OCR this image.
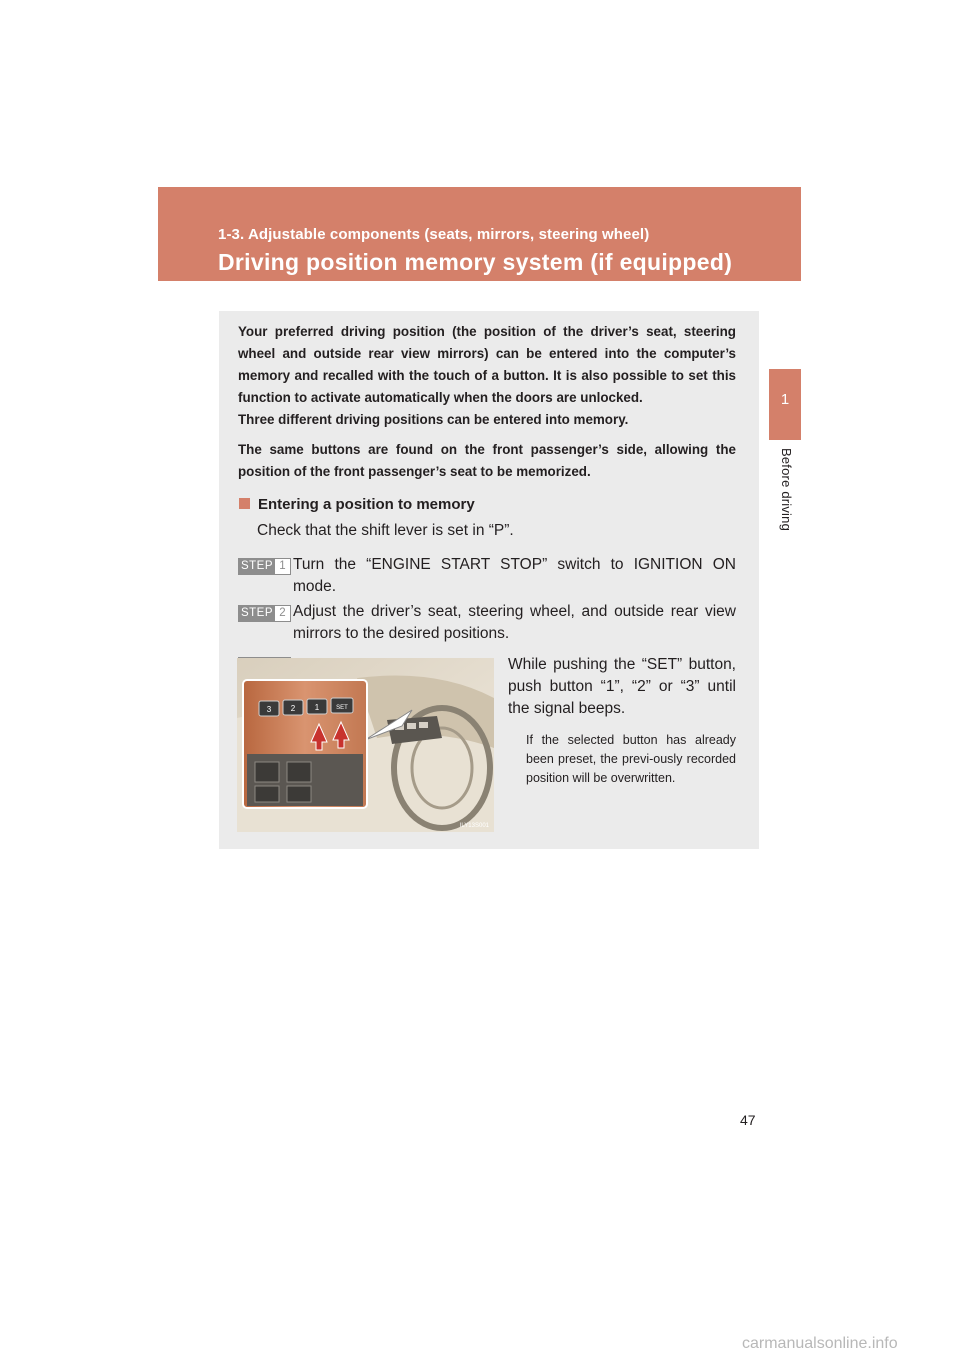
1-3. Adjustable components (seats, mirrors, steering wheel)
Driving position memory system (if equipped)
1
Before driving

Your preferred driving position (the position of the driver’s seat, steering wheel and outside rear view mirrors) can be entered into the computer’s memory and recalled with the touch of a button. It is also possible to set this function to activate automatically when the doors are unlocked.

Three different driving positions can be entered into memory.

The same buttons are found on the front passenger’s side, allowing the position of the front passenger’s seat to be memorized.

Entering a position to memory
Check that the shift lever is set in “P”.
STEP 1 Turn the “ENGINE START STOP” switch to IGNITION ON mode.
STEP 2 Adjust the driver’s seat, steering wheel, and outside rear view mirrors to the desired positions.
3 2 1	SET
ILY13S001
While pushing the “SET” button, push button “1”, “2” or “3” until the signal beeps.
If the selected button has already been preset, the previ-ously recorded position will be overwritten.
47
carmanualsonline.info
